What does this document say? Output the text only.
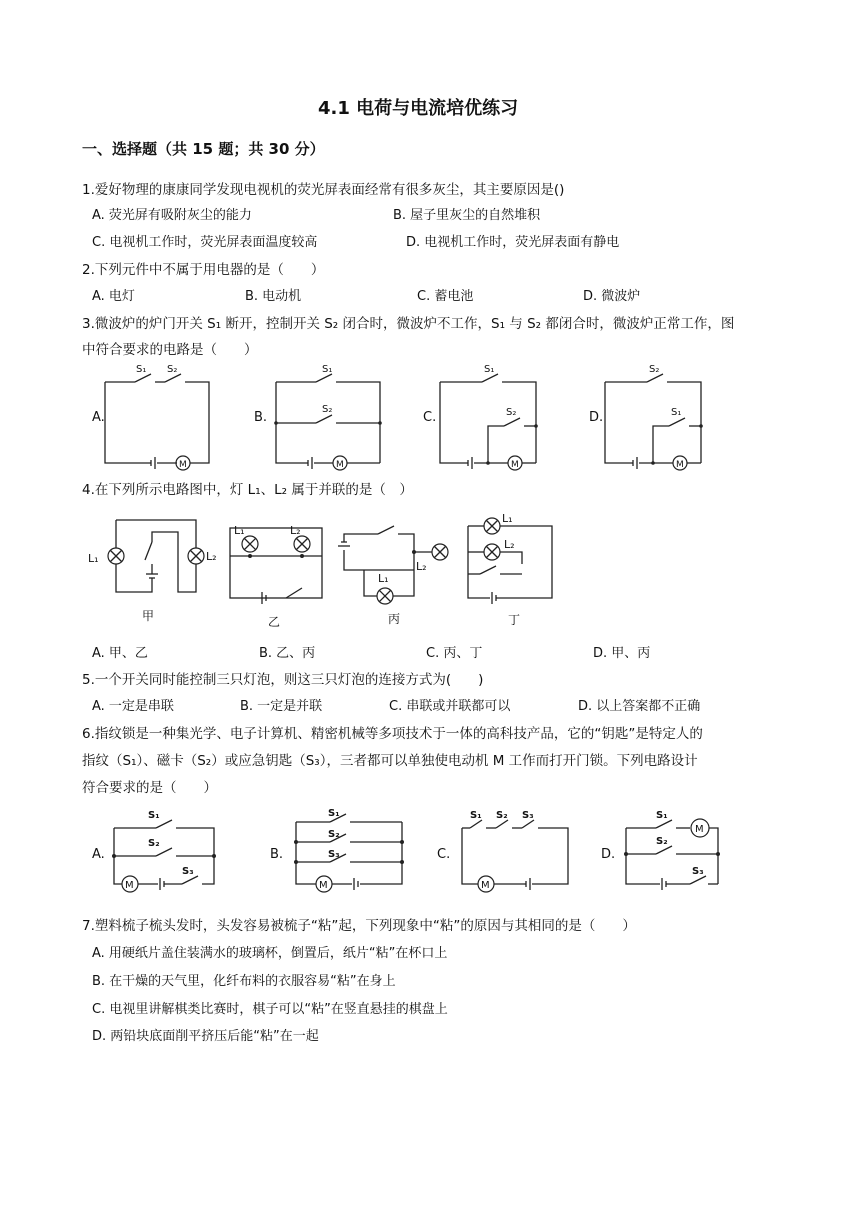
4.1 电荷与电流培优练习
一、选择题（共 15 题；共 30 分）
1.爱好物理的康康同学发现电视机的荧光屏表面经常有很多灰尘，其主要原因是()
A. 荧光屏有吸附灰尘的能力	B. 屋子里灰尘的自然堆积
C. 电视机工作时，荧光屏表面温度较高	D. 电视机工作时，荧光屏表面有静电
2.下列元件中不属于用电器的是（　　）
A. 电灯	B. 电动机	C. 蓄电池	D. 微波炉
3.微波炉的炉门开关 S₁ 断开，控制开关 S₂ 闭合时，微波炉不工作，S₁ 与 S₂ 都闭合时，微波炉正常工作，图
中符合要求的电路是（　　）
A.	B.	C.	D.
M
S₁ S₂
M
S₁
S₂
M
S₁
S₂
M
S₂
S₁
4.在下列所示电路图中，灯 L₁、L₂ 属于并联的是（　）
L₁	L₂
甲
L₁	L₂
乙
L₂
L₁
丙
L₁
L₂
丁
A. 甲、乙	B. 乙、丙	C. 丙、丁	D. 甲、丙
5.一个开关同时能控制三只灯泡，则这三只灯泡的连接方式为(　　)
A. 一定是串联	B. 一定是并联	C. 串联或并联都可以	D. 以上答案都不正确
6.指纹锁是一种集光学、电子计算机、精密机械等多项技术于一体的高科技产品，它的“钥匙”是特定人的
指纹（S₁）、磁卡（S₂）或应急钥匙（S₃），三者都可以单独使电动机 M 工作而打开门锁。下列电路设计
符合要求的是（　　）
A.	B.	C.	D.
M
S₁
S₂
S₃
M
S₁
S₂
S₃
M
S₁ S₂ S₃
M
S₁
S₂
S₃
7.塑料梳子梳头发时，头发容易被梳子“粘”起，下列现象中“粘”的原因与其相同的是（　　）
A. 用硬纸片盖住装满水的玻璃杯，倒置后，纸片“粘”在杯口上
B. 在干燥的天气里，化纤布料的衣服容易“粘”在身上
C. 电视里讲解棋类比赛时，棋子可以“粘”在竖直悬挂的棋盘上
D. 两铅块底面削平挤压后能“粘”在一起
